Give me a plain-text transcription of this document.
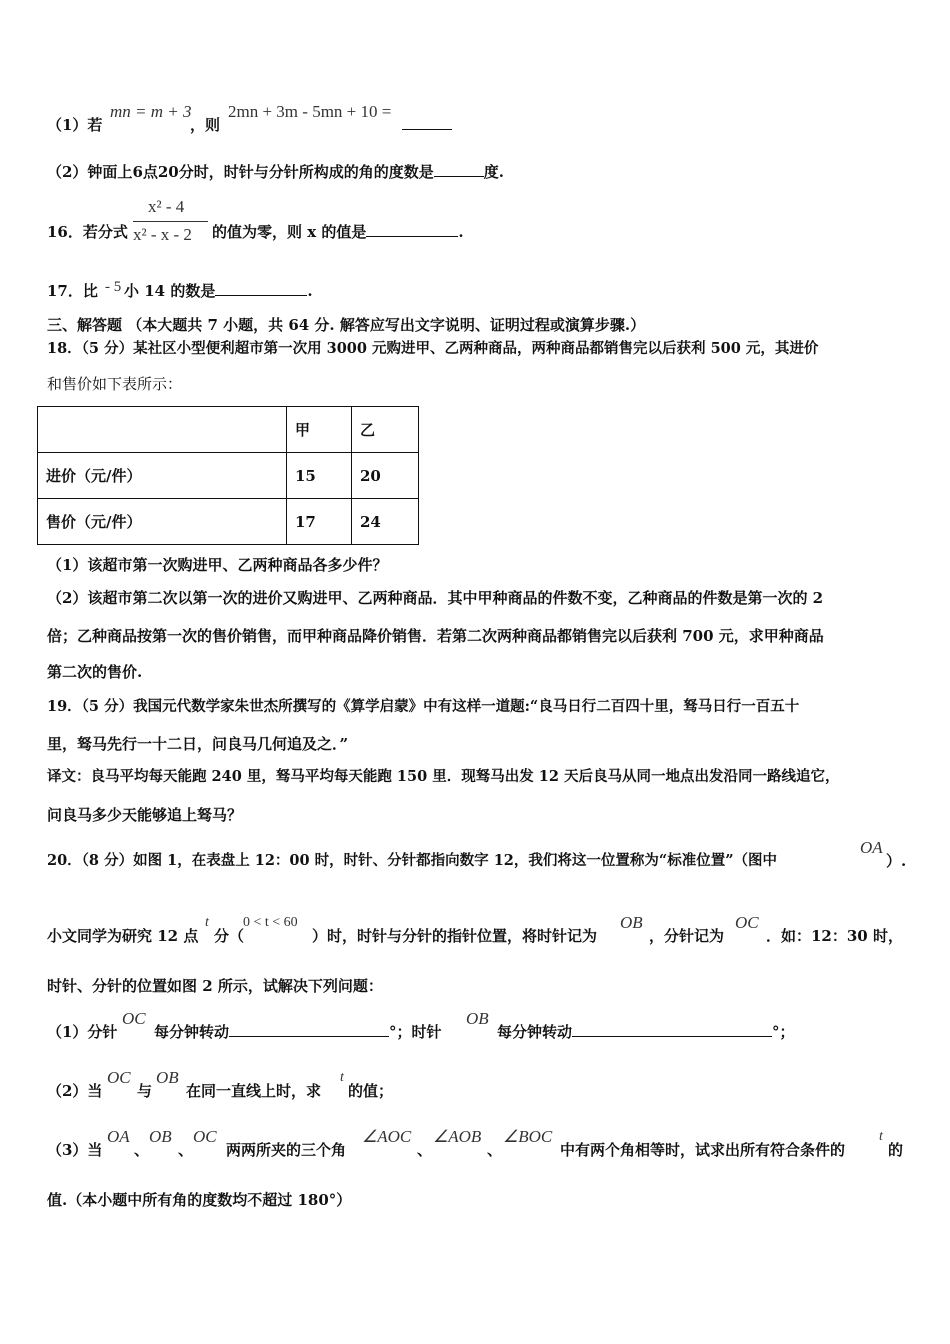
（1）若
mn = m + 3
，则
2mn + 3m - 5mn + 10 =
（2）钟面上6点20分时，时针与分针所构成的角的度数是	度.
16．若分式
x² - 4
x² - x - 2 的值为零，则 x 的值是	.
17．比 - 5 小 14 的数是	.
三、解答题 （本大题共 7 小题，共 64 分. 解答应写出文字说明、证明过程或演算步骤.）
18．（5 分）某社区小型便利超市第一次用 3000 元购进甲、乙两种商品，两种商品都销售完以后获利 500 元，其进价
和售价如下表所示：
	甲	乙
进价（元/件）	15	20
售价（元/件）	17	24
（1）该超市第一次购进甲、乙两种商品各多少件？
（2）该超市第二次以第一次的进价又购进甲、乙两种商品．其中甲种商品的件数不变，乙种商品的件数是第一次的 2
倍；乙种商品按第一次的售价销售，而甲种商品降价销售．若第二次两种商品都销售完以后获利 700 元，求甲种商品
第二次的售价.
19．（5 分）我国元代数学家朱世杰所撰写的《算学启蒙》中有这样一道题:“良马日行二百四十里，驽马日行一百五十
里，驽马先行一十二日，问良马几何追及之．”
译文：良马平均每天能跑 240 里，驽马平均每天能跑 150 里．现驽马出发 12 天后良马从同一地点出发沿同一路线追它，
问良马多少天能够追上驽马？
20．（8 分）如图 1，在表盘上 12：00 时，时针、分针都指向数字 12，我们将这一位置称为“标准位置”（图中
OA
）.
小文同学为研究 12 点
t
分（
0 < t < 60
）时，时针与分针的指针位置，将时针记为
OB
，分针记为
OC
．如：12：30 时，
时针、分针的位置如图 2 所示，试解决下列问题：
（1）分针
OC
每分钟转动	°；时针
OB
每分钟转动	°；
（2）当
OC
与
OB
在同一直线上时，求
t
的值；
（3）当
OA
、
OB
、
OC
两两所夹的三个角
∠AOC
、
∠AOB
、
∠BOC
中有两个角相等时，试求出所有符合条件的
t
的
值.（本小题中所有角的度数均不超过 180°）
